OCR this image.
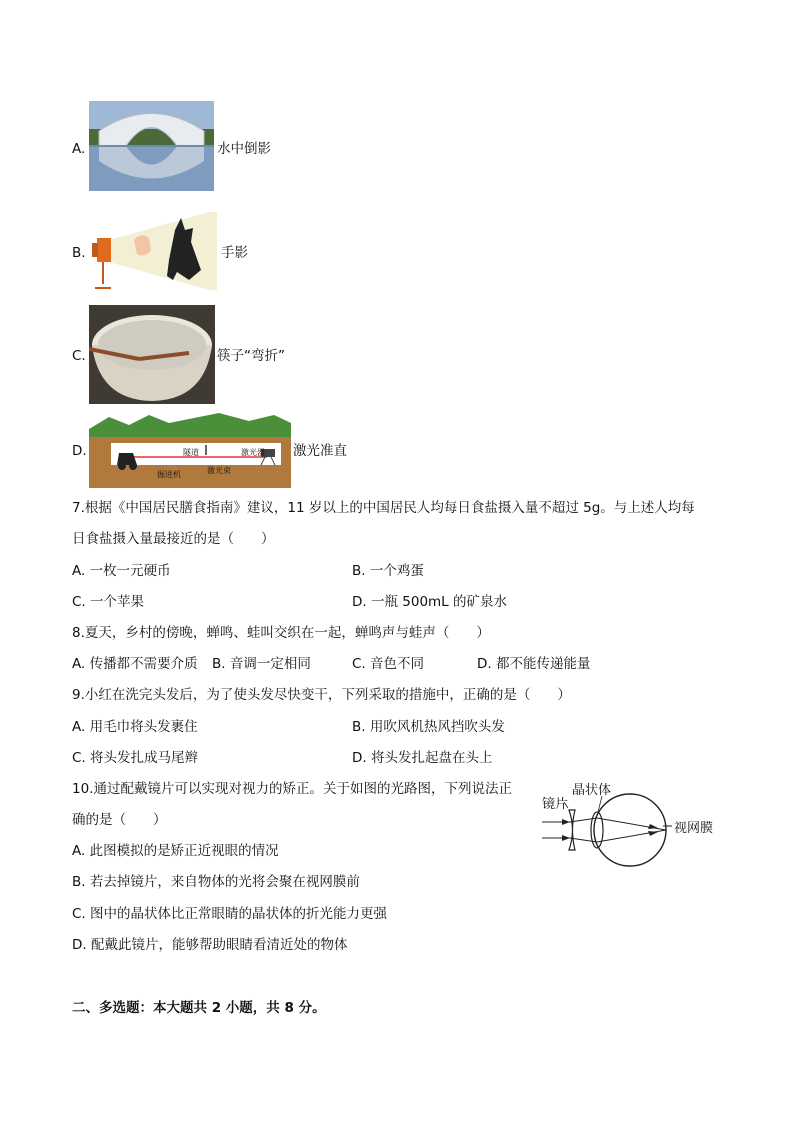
A.	水中倒影
B.	手影
C.	筷子“弯折”
D.	隧道	激光器
激光束
掘进机
激光准直
7.根据《中国居民膳食指南》建议，11 岁以上的中国居民人均每日食盐摄入量不超过 5g。与上述人均每
日食盐摄入量最接近的是（　　）
A. 一枚一元硬币	B. 一个鸡蛋
C. 一个苹果	D. 一瓶 500mL 的矿泉水
8.夏天，乡村的傍晚，蝉鸣、蛙叫交织在一起，蝉鸣声与蛙声（　　）
A. 传播都不需要介质 B. 音调一定相同	C. 音色不同	D. 都不能传递能量
9.小红在洗完头发后，为了使头发尽快变干，下列采取的措施中，正确的是（　　）
A. 用毛巾将头发裹住	B. 用吹风机热风挡吹头发
C. 将头发扎成马尾辫	D. 将头发扎起盘在头上
10.通过配戴镜片可以实现对视力的矫正。关于如图的光路图，下列说法正
确的是（　　）
A. 此图模拟的是矫正近视眼的情况
B. 若去掉镜片，来自物体的光将会聚在视网膜前
C. 图中的晶状体比正常眼睛的晶状体的折光能力更强
D. 配戴此镜片，能够帮助眼睛看清近处的物体
镜片
晶状体
视网膜
二、多选题：本大题共 2 小题，共 8 分。
